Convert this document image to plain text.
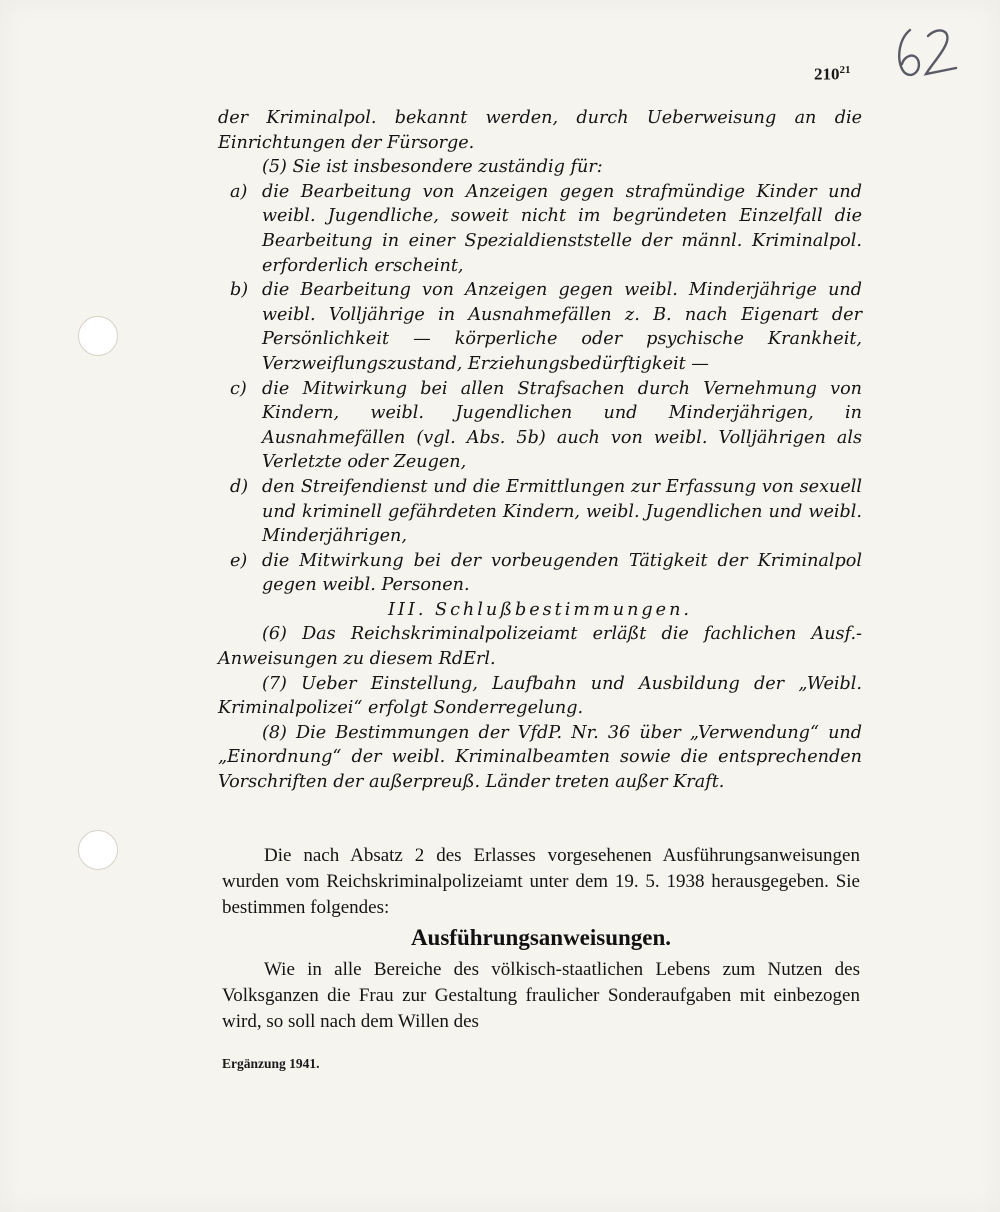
$210^{21}$

der Kriminalpol. bekannt werden, durch Ueberweisung an die Einrichtungen der Fürsorge.

(5) Sie ist insbesondere zuständig für:

a) die Bearbeitung von Anzeigen gegen strafmündige Kinder und weibl. Jugendliche, soweit nicht im begründeten Einzelfall die Bearbeitung in einer Spezialdienststelle der männl. Kriminalpol. erforderlich erscheint,
b) die Bearbeitung von Anzeigen gegen weibl. Minderjährige und weibl. Volljährige in Ausnahmefällen z. B. nach Eigenart der Persönlichkeit — körperliche oder psychische Krankheit, Verzweiflungszustand, Erziehungsbedürftigkeit —
c) die Mitwirkung bei allen Strafsachen durch Vernehmung von Kindern, weibl. Jugendlichen und Minderjährigen, in Ausnahmefällen (vgl. Abs. 5b) auch von weibl. Volljährigen als Verletzte oder Zeugen,
d) den Streifendienst und die Ermittlungen zur Erfassung von sexuell und kriminell gefährdeten Kindern, weibl. Jugendlichen und weibl. Minderjährigen,
e) die Mitwirkung bei der vorbeugenden Tätigkeit der Kriminalpol gegen weibl. Personen.

III. Schlußbestimmungen.

(6) Das Reichskriminalpolizeiamt erläßt die fachlichen Ausf.-Anweisungen zu diesem RdErl.

(7) Ueber Einstellung, Laufbahn und Ausbildung der „Weibl. Kriminalpolizei“ erfolgt Sonderregelung.

(8) Die Bestimmungen der VfdP. Nr. 36 über „Verwendung“ und „Einordnung“ der weibl. Kriminalbeamten sowie die entsprechenden Vorschriften der außerpreuß. Länder treten außer Kraft.

Die nach Absatz 2 des Erlasses vorgesehenen Ausführungsanweisungen wurden vom Reichskriminalpolizeiamt unter dem 19. 5. 1938 herausgegeben. Sie bestimmen folgendes:

Ausführungsanweisungen.

Wie in alle Bereiche des völkisch-staatlichen Lebens zum Nutzen des Volksganzen die Frau zur Gestaltung fraulicher Sonderaufgaben mit einbezogen wird, so soll nach dem Willen des

Ergänzung 1941.
